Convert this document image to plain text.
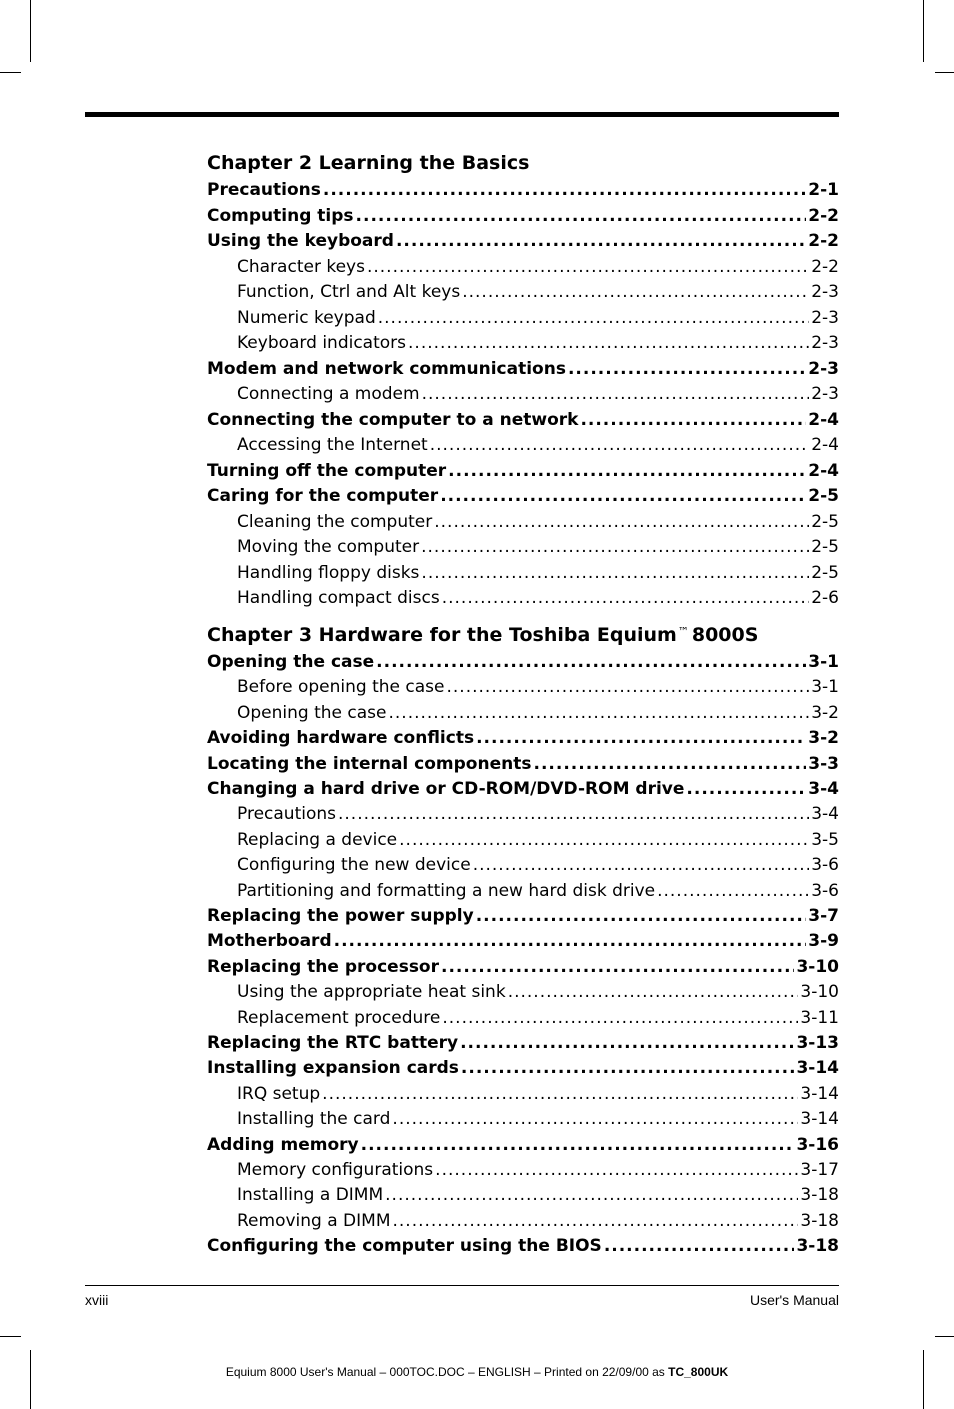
Chapter 2 Learning the Basics
Precautions .....	2-1
Computing tips .....	2-2
Using the keyboard .....	2-2
Character keys .....	2-2
Function, Ctrl and Alt keys .....	2-3
Numeric keypad .....	2-3
Keyboard indicators .....	2-3
Modem and network communications .....	2-3
Connecting a modem .....	2-3
Connecting the computer to a network .....	2-4
Accessing the Internet .....	2-4
Turning off the computer .....	2-4
Caring for the computer .....	2-5
Cleaning the computer .....	2-5
Moving the computer .....	2-5
Handling floppy disks .....	2-5
Handling compact discs .....	2-6
Chapter 3 Hardware for the Toshiba Equium™ 8000S
Opening the case .....	3-1
Before opening the case .....	3-1
Opening the case .....	3-2
Avoiding hardware conflicts .....	3-2
Locating the internal components .....	3-3
Changing a hard drive or CD-ROM/DVD-ROM drive .....	3-4
Precautions .....	3-4
Replacing a device .....	3-5
Configuring the new device .....	3-6
Partitioning and formatting a new hard disk drive .....	3-6
Replacing the power supply .....	3-7
Motherboard .....	3-9
Replacing the processor .....	3-10
Using the appropriate heat sink .....	3-10
Replacement procedure .....	3-11
Replacing the RTC battery .....	3-13
Installing expansion cards .....	3-14
IRQ setup .....	3-14
Installing the card .....	3-14
Adding memory .....	3-16
Memory configurations .....	3-17
Installing a DIMM .....	3-18
Removing a DIMM .....	3-18
Configuring the computer using the BIOS .....	3-18
xviii	User's Manual
Equium 8000 User's Manual – 000TOC.DOC – ENGLISH – Printed on 22/09/00 as TC_800UK
